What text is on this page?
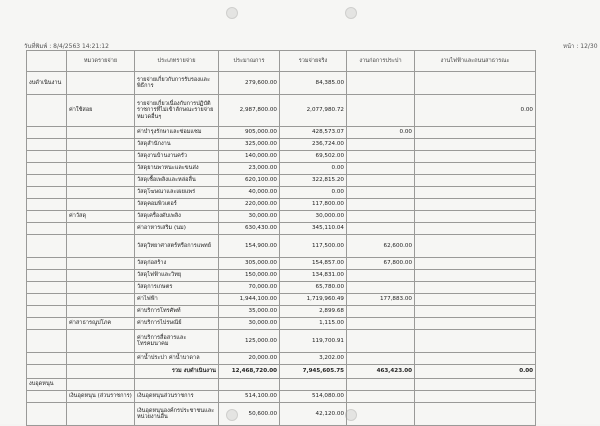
วันที่พิมพ์ : 8/4/2563 14:21:12	หน้า : 12/30
	หมวดรายจ่าย	ประเภทรายจ่าย	ประมาณการ	รวมจ่ายจริง	งานก่อการประปา	งานไฟฟ้าและถนนสาธารณะ
งบดำเนินงาน		รายจ่ายเกี่ยวกับการรับรองและพิธีการ	279,600.00	84,385.00		
	ค่าใช้สอย	รายจ่ายเกี่ยวเนื่องกับการปฏิบัติราชการที่ไม่เข้าลักษณะรายจ่ายหมวดอื่นๆ	2,987,800.00	2,077,980.72		0.00
		ค่าบำรุงรักษาและซ่อมแซม	905,000.00	428,573.07	0.00	
		วัสดุสำนักงาน	325,000.00	236,724.00		
		วัสดุงานบ้านงานครัว	140,000.00	69,502.00		
		วัสดุยานพาหนะและขนส่ง	23,000.00	0.00		
		วัสดุเชื้อเพลิงและหล่อลื่น	620,100.00	322,815.20		
		วัสดุโฆษณาและเผยแพร่	40,000.00	0.00		
		วัสดุคอมพิวเตอร์	220,000.00	117,800.00		
	ค่าวัสดุ	วัสดุเครื่องดับเพลิง	30,000.00	30,000.00		
		ค่าอาหารเสริม (นม)	630,430.00	345,110.04		
		วัสดุวิทยาศาสตร์หรือการแพทย์	154,900.00	117,500.00	62,600.00	
		วัสดุก่อสร้าง	305,000.00	154,857.00	67,800.00	
		วัสดุไฟฟ้าและวิทยุ	150,000.00	134,831.00		
		วัสดุการเกษตร	70,000.00	65,780.00		
		ค่าไฟฟ้า	1,944,100.00	1,719,960.49	177,883.00	
		ค่าบริการโทรศัพท์	35,000.00	2,899.68		
	ค่าสาธารณูปโภค	ค่าบริการไปรษณีย์	30,000.00	1,115.00		
		ค่าบริการสื่อสารและโทรคมนาคม	125,000.00	119,700.91		
		ค่าน้ำประปา ค่าน้ำบาดาล	20,000.00	3,202.00		
		รวม งบดำเนินงาน	12,468,720.00	7,945,605.75	463,423.00	0.00
งบอุดหนุน						
	เงินอุดหนุน (ส่วนราชการ)	เงินอุดหนุนส่วนราชการ	514,100.00	514,080.00		
		เงินอุดหนุนองค์กรประชาชนและหน่วยงานอื่น	50,600.00	42,120.00		
